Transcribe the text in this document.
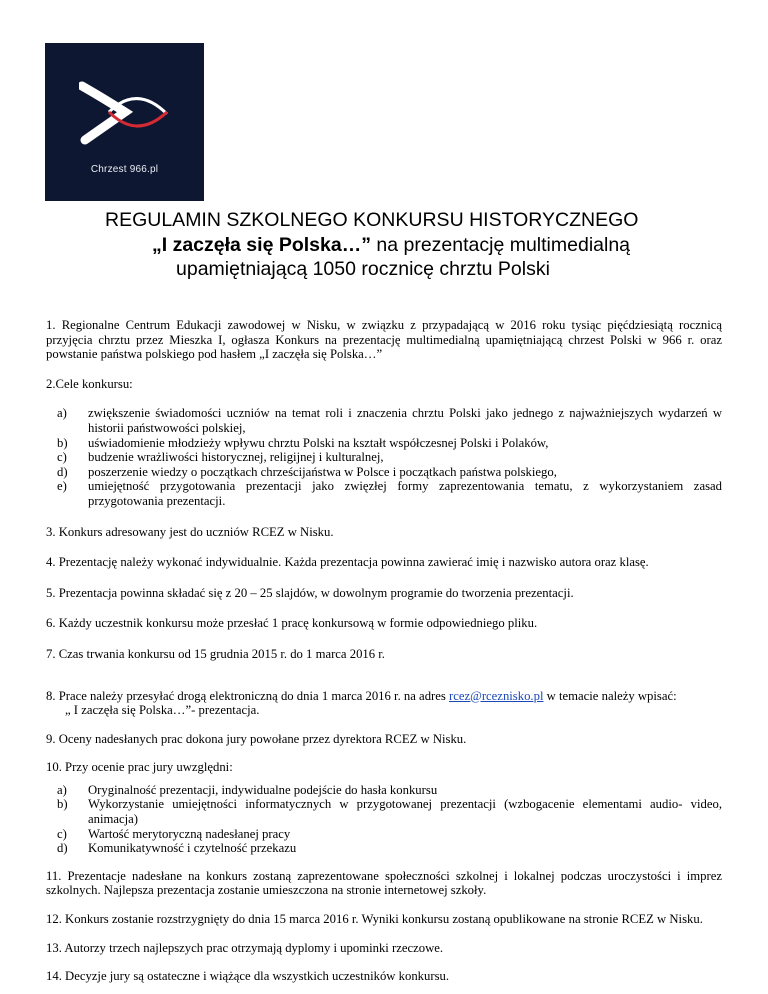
Chrzest 966.pl
REGULAMIN SZKOLNEGO KONKURSU HISTORYCZNEGO
„I zaczęła się Polska…” na prezentację multimedialną
upamiętniającą 1050 rocznicę chrztu Polski

1. Regionalne Centrum Edukacji zawodowej w Nisku, w związku z przypadającą w 2016 roku tysiąc pięćdziesiątą rocznicą przyjęcia chrztu przez Mieszka I, ogłasza Konkurs na prezentację multimedialną upamiętniającą chrzest Polski w 966 r. oraz powstanie państwa polskiego pod hasłem „I zaczęła się Polska…”

2.Cele konkursu:

a) zwiększenie świadomości uczniów na temat roli i znaczenia chrztu Polski jako jednego z najważniejszych wydarzeń w historii państwowości polskiej,
b) uświadomienie młodzieży wpływu chrztu Polski na kształt współczesnej Polski i Polaków,
c) budzenie wrażliwości historycznej, religijnej i kulturalnej,
d) poszerzenie wiedzy o początkach chrześcijaństwa w Polsce i początkach państwa polskiego,
e) umiejętność przygotowania prezentacji jako zwięzłej formy zaprezentowania tematu, z wykorzystaniem zasad przygotowania prezentacji.

3. Konkurs adresowany jest do uczniów RCEZ w Nisku.

4. Prezentację należy wykonać indywidualnie. Każda prezentacja powinna zawierać imię i nazwisko autora oraz klasę.

5. Prezentacja powinna składać się z 20 – 25 slajdów, w dowolnym programie do tworzenia prezentacji.

6. Każdy uczestnik konkursu może przesłać 1 pracę konkursową w formie odpowiedniego pliku.

7. Czas trwania konkursu od 15 grudnia 2015 r. do 1 marca 2016 r.

8. Prace należy przesyłać drogą elektroniczną do dnia 1 marca 2016 r. na adres rcez@rceznisko.pl w temacie należy wpisać:

„ I zaczęła się Polska…”- prezentacja.

9. Oceny nadesłanych prac dokona jury powołane przez dyrektora RCEZ w Nisku.

10. Przy ocenie prac jury uwzględni:

a) Oryginalność prezentacji, indywidualne podejście do hasła konkursu
b) Wykorzystanie umiejętności informatycznych w przygotowanej prezentacji (wzbogacenie elementami audio- video, animacja)
c) Wartość merytoryczną nadesłanej pracy
d) Komunikatywność i czytelność przekazu

11. Prezentacje nadesłane na konkurs zostaną zaprezentowane społeczności szkolnej i lokalnej podczas uroczystości i imprez szkolnych. Najlepsza prezentacja zostanie umieszczona na stronie internetowej szkoły.

12. Konkurs zostanie rozstrzygnięty do dnia 15 marca 2016 r. Wyniki konkursu zostaną opublikowane na stronie RCEZ w Nisku.

13. Autorzy trzech najlepszych prac otrzymają dyplomy i upominki rzeczowe.

14. Decyzje jury są ostateczne i wiążące dla wszystkich uczestników konkursu.
